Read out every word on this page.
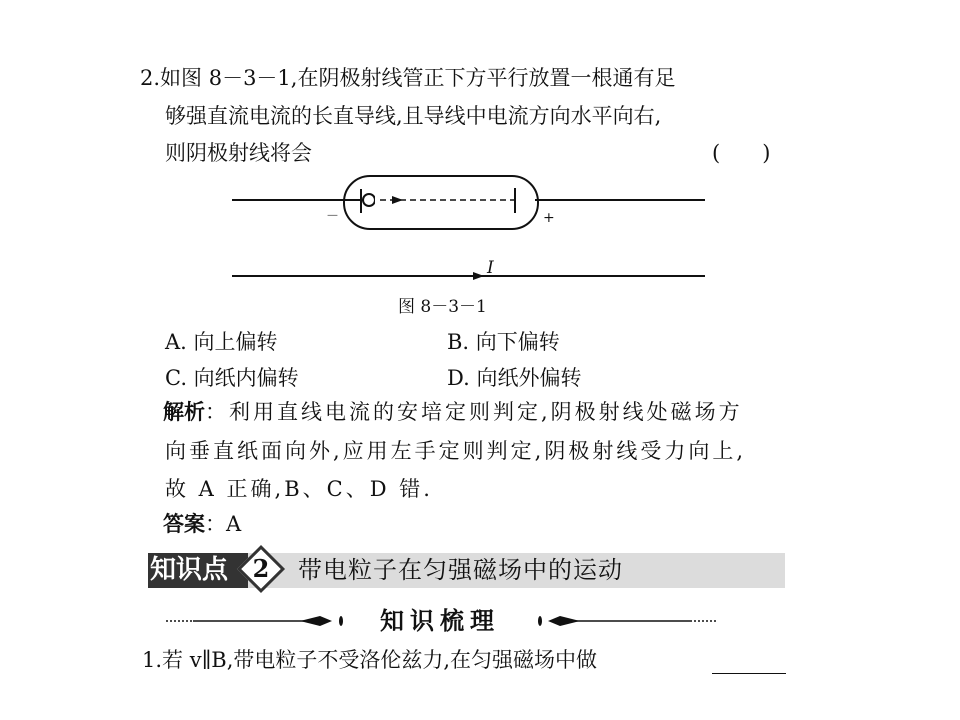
2.如图 8－3－1,在阴极射线管正下方平行放置一根通有足
够强直流电流的长直导线,且导线中电流方向水平向右,
则阴极射线将会	(　　)
－	+
I
图 8－3－1
A. 向上偏转	B. 向下偏转
C. 向纸内偏转	D. 向纸外偏转
解析：利用直线电流的安培定则判定,阴极射线处磁场方
向垂直纸面向外,应用左手定则判定,阴极射线受力向上,
故 A 正确,B、C、D 错.
答案：A
知识点	2 带电粒子在匀强磁场中的运动
知识梳理
1.若 v∥B,带电粒子不受洛伦兹力,在匀强磁场中做
